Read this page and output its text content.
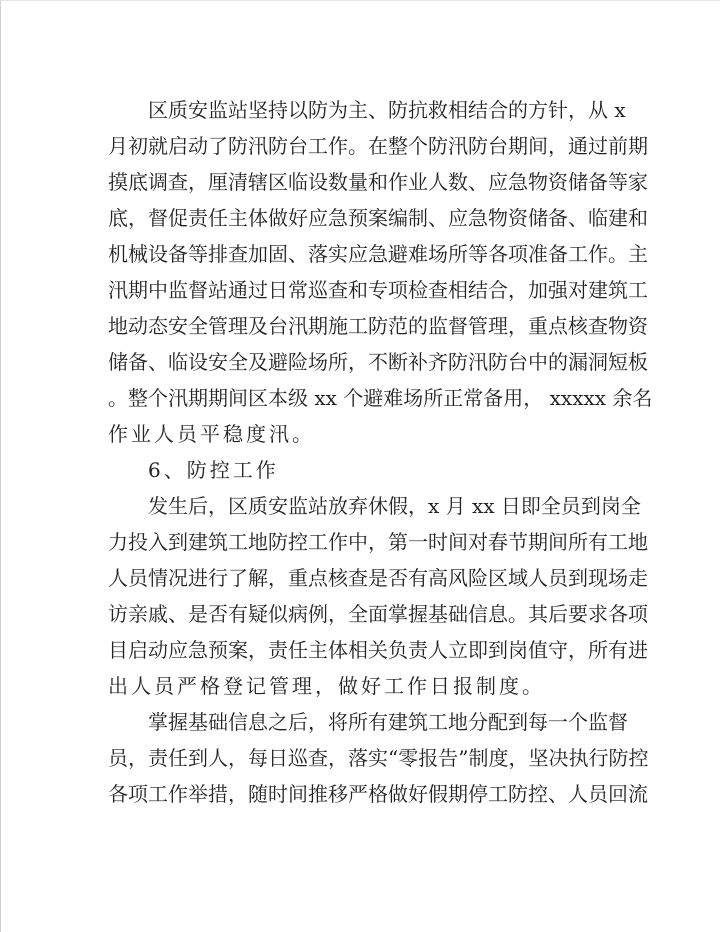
区质安监站坚持以防为主、防抗救相结合的方针，从 x
月初就启动了防汛防台工作。在整个防汛防台期间，通过前期
摸底调查，厘清辖区临设数量和作业人数、应急物资储备等家
底，督促责任主体做好应急预案编制、应急物资储备、临建和
机械设备等排查加固、落实应急避难场所等各项准备工作。主
汛期中监督站通过日常巡查和专项检查相结合，加强对建筑工
地动态安全管理及台汛期施工防范的监督管理，重点核查物资
储备、临设安全及避险场所，不断补齐防汛防台中的漏洞短板
。整个汛期期间区本级 xx 个避难场所正常备用， xxxxx 余名
作业人员平稳度汛。
6、防控工作
发生后，区质安监站放弃休假，x 月 xx 日即全员到岗全
力投入到建筑工地防控工作中，第一时间对春节期间所有工地
人员情况进行了解，重点核查是否有高风险区域人员到现场走
访亲戚、是否有疑似病例，全面掌握基础信息。其后要求各项
目启动应急预案，责任主体相关负责人立即到岗值守，所有进
出人员严格登记管理，做好工作日报制度。
掌握基础信息之后，将所有建筑工地分配到每一个监督
员，责任到人，每日巡查，落实“零报告”制度，坚决执行防控
各项工作举措，随时间推移严格做好假期停工防控、人员回流
